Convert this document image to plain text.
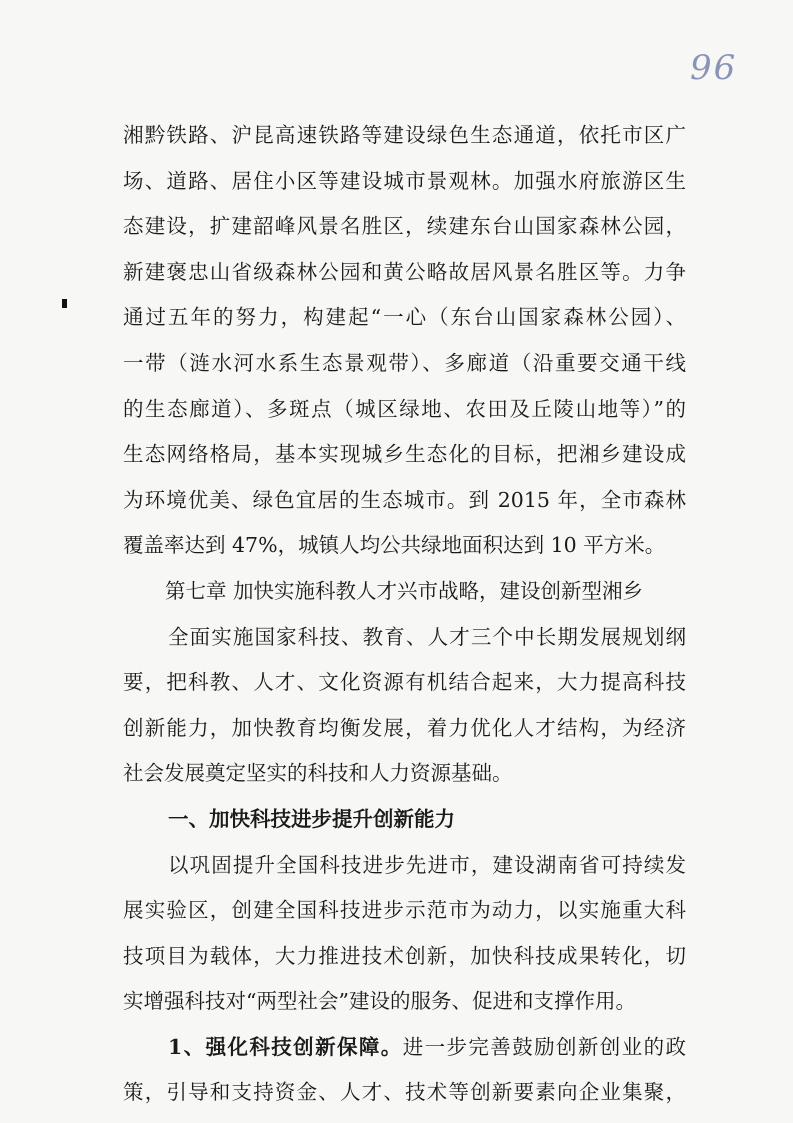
96
湘黔铁路、沪昆高速铁路等建设绿色生态通道，依托市区广
场、道路、居住小区等建设城市景观林。加强水府旅游区生
态建设，扩建韶峰风景名胜区，续建东台山国家森林公园，
新建褒忠山省级森林公园和黄公略故居风景名胜区等。力争
通过五年的努力，构建起“一心（东台山国家森林公园）、
一带（涟水河水系生态景观带）、多廊道（沿重要交通干线
的生态廊道）、多斑点（城区绿地、农田及丘陵山地等）”的
生态网络格局，基本实现城乡生态化的目标，把湘乡建设成
为环境优美、绿色宜居的生态城市。到 2015 年，全市森林
覆盖率达到 47%，城镇人均公共绿地面积达到 10 平方米。
第七章 加快实施科教人才兴市战略，建设创新型湘乡
全面实施国家科技、教育、人才三个中长期发展规划纲
要，把科教、人才、文化资源有机结合起来，大力提高科技
创新能力，加快教育均衡发展，着力优化人才结构，为经济
社会发展奠定坚实的科技和人力资源基础。
一、加快科技进步提升创新能力
以巩固提升全国科技进步先进市，建设湖南省可持续发
展实验区，创建全国科技进步示范市为动力，以实施重大科
技项目为载体，大力推进技术创新，加快科技成果转化，切
实增强科技对“两型社会”建设的服务、促进和支撑作用。
1、强化科技创新保障。进一步完善鼓励创新创业的政
策，引导和支持资金、人才、技术等创新要素向企业集聚，
